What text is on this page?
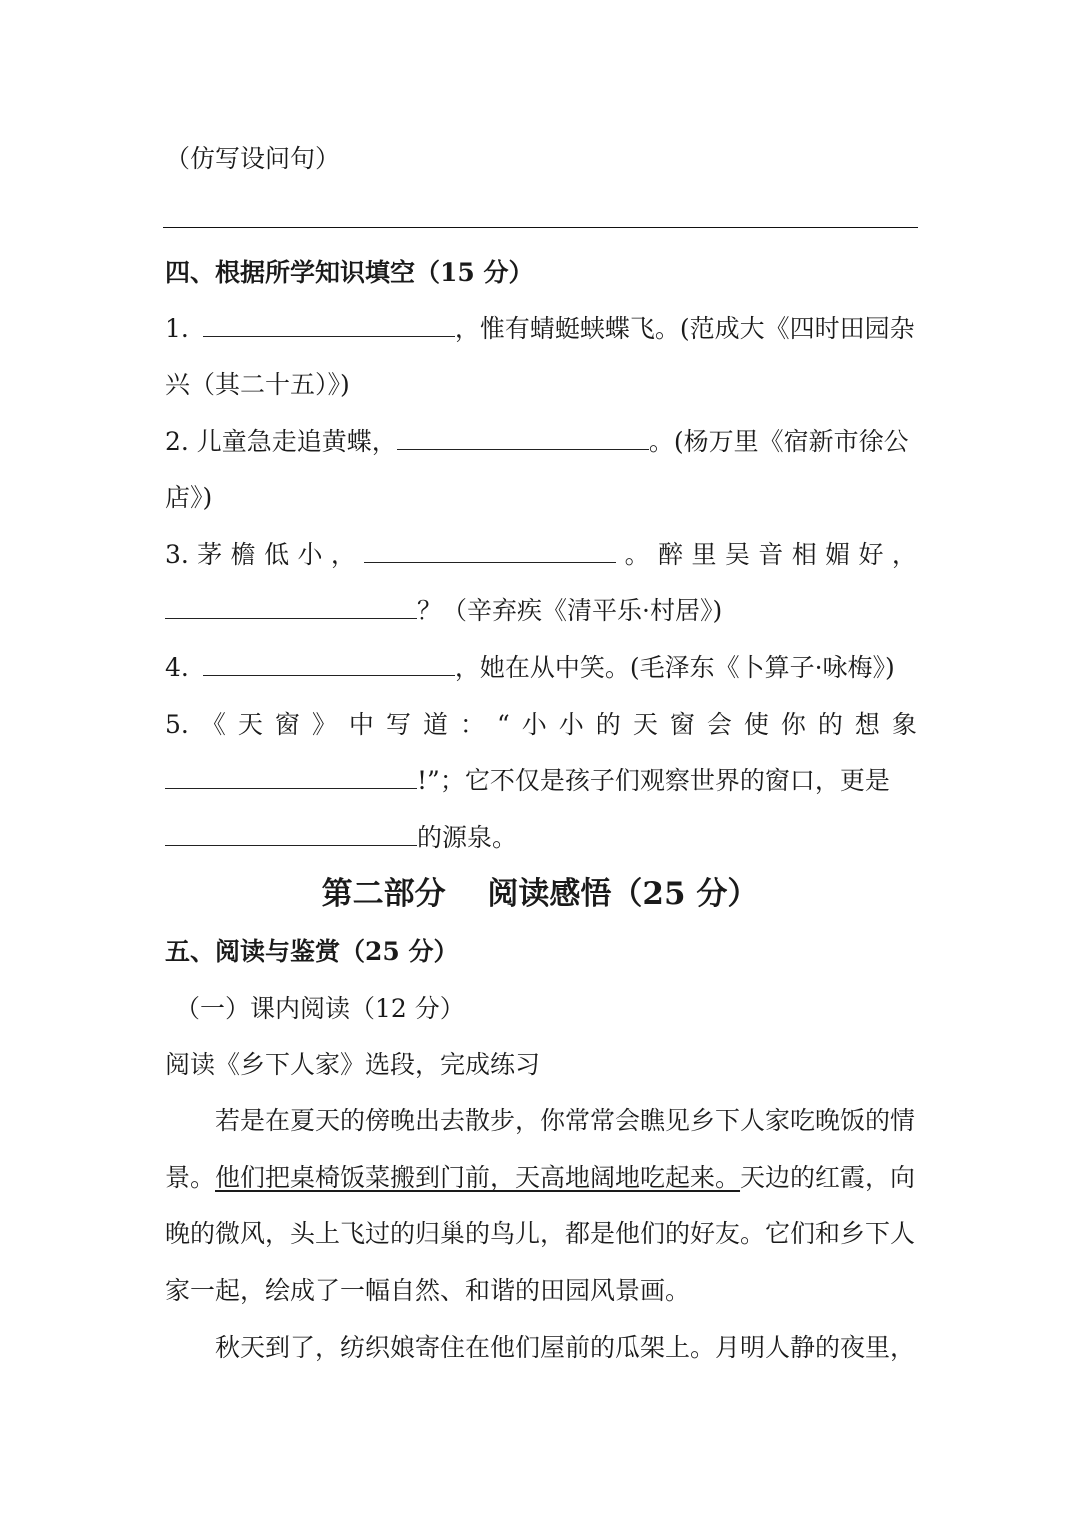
（仿写设问句）
四、根据所学知识填空（15 分）
1.	，惟有蜻蜓蛱蝶飞。(范成大《四时田园杂
兴（其二十五）》)
2. 儿童急走追黄蝶，	。(杨万里《宿新市徐公
店》)
3. 茅 檐 低 小 ，	。 醉 里 吴 音 相 媚 好 ，
？（辛弃疾《清平乐·村居》)
4.	，她在从中笑。(毛泽东《卜算子·咏梅》)
5. 《 天 窗 》 中 写 道 ： “ 小 小 的 天 窗 会 使 你 的 想 象
!”；它不仅是孩子们观察世界的窗口，更是
的源泉。
第二部分　 阅读感悟（25 分）
五、阅读与鉴赏（25 分）
（一）课内阅读（12 分）
阅读《乡下人家》选段，完成练习
若是在夏天的傍晚出去散步，你常常会瞧见乡下人家吃晚饭的情
景。他们把桌椅饭菜搬到门前，天高地阔地吃起来。天边的红霞，向
晚的微风，头上飞过的归巢的鸟儿，都是他们的好友。它们和乡下人
家一起，绘成了一幅自然、和谐的田园风景画。
秋天到了，纺织娘寄住在他们屋前的瓜架上。月明人静的夜里，
